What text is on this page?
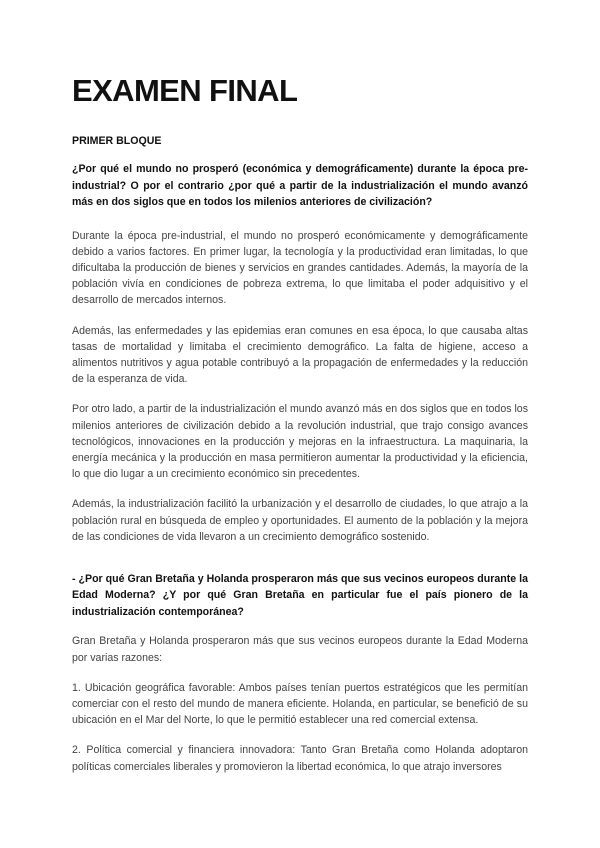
EXAMEN FINAL
PRIMER BLOQUE

¿Por qué el mundo no prosperó (económica y demográficamente) durante la época pre-industrial? O por el contrario ¿por qué a partir de la industrialización el mundo avanzó más en dos siglos que en todos los milenios anteriores de civilización?

Durante la época pre-industrial, el mundo no prosperó económicamente y demográficamente debido a varios factores. En primer lugar, la tecnología y la productividad eran limitadas, lo que dificultaba la producción de bienes y servicios en grandes cantidades. Además, la mayoría de la población vivía en condiciones de pobreza extrema, lo que limitaba el poder adquisitivo y el desarrollo de mercados internos.

Además, las enfermedades y las epidemias eran comunes en esa época, lo que causaba altas tasas de mortalidad y limitaba el crecimiento demográfico. La falta de higiene, acceso a alimentos nutritivos y agua potable contribuyó a la propagación de enfermedades y la reducción de la esperanza de vida.

Por otro lado, a partir de la industrialización el mundo avanzó más en dos siglos que en todos los milenios anteriores de civilización debido a la revolución industrial, que trajo consigo avances tecnológicos, innovaciones en la producción y mejoras en la infraestructura. La maquinaria, la energía mecánica y la producción en masa permitieron aumentar la productividad y la eficiencia, lo que dio lugar a un crecimiento económico sin precedentes.

Además, la industrialización facilitó la urbanización y el desarrollo de ciudades, lo que atrajo a la población rural en búsqueda de empleo y oportunidades. El aumento de la población y la mejora de las condiciones de vida llevaron a un crecimiento demográfico sostenido.

- ¿Por qué Gran Bretaña y Holanda prosperaron más que sus vecinos europeos durante la Edad Moderna? ¿Y por qué Gran Bretaña en particular fue el país pionero de la industrialización contemporánea?

Gran Bretaña y Holanda prosperaron más que sus vecinos europeos durante la Edad Moderna por varias razones:

1. Ubicación geográfica favorable: Ambos países tenían puertos estratégicos que les permitían comerciar con el resto del mundo de manera eficiente. Holanda, en particular, se benefició de su ubicación en el Mar del Norte, lo que le permitió establecer una red comercial extensa.

2. Política comercial y financiera innovadora: Tanto Gran Bretaña como Holanda adoptaron políticas comerciales liberales y promovieron la libertad económica, lo que atrajo inversores
